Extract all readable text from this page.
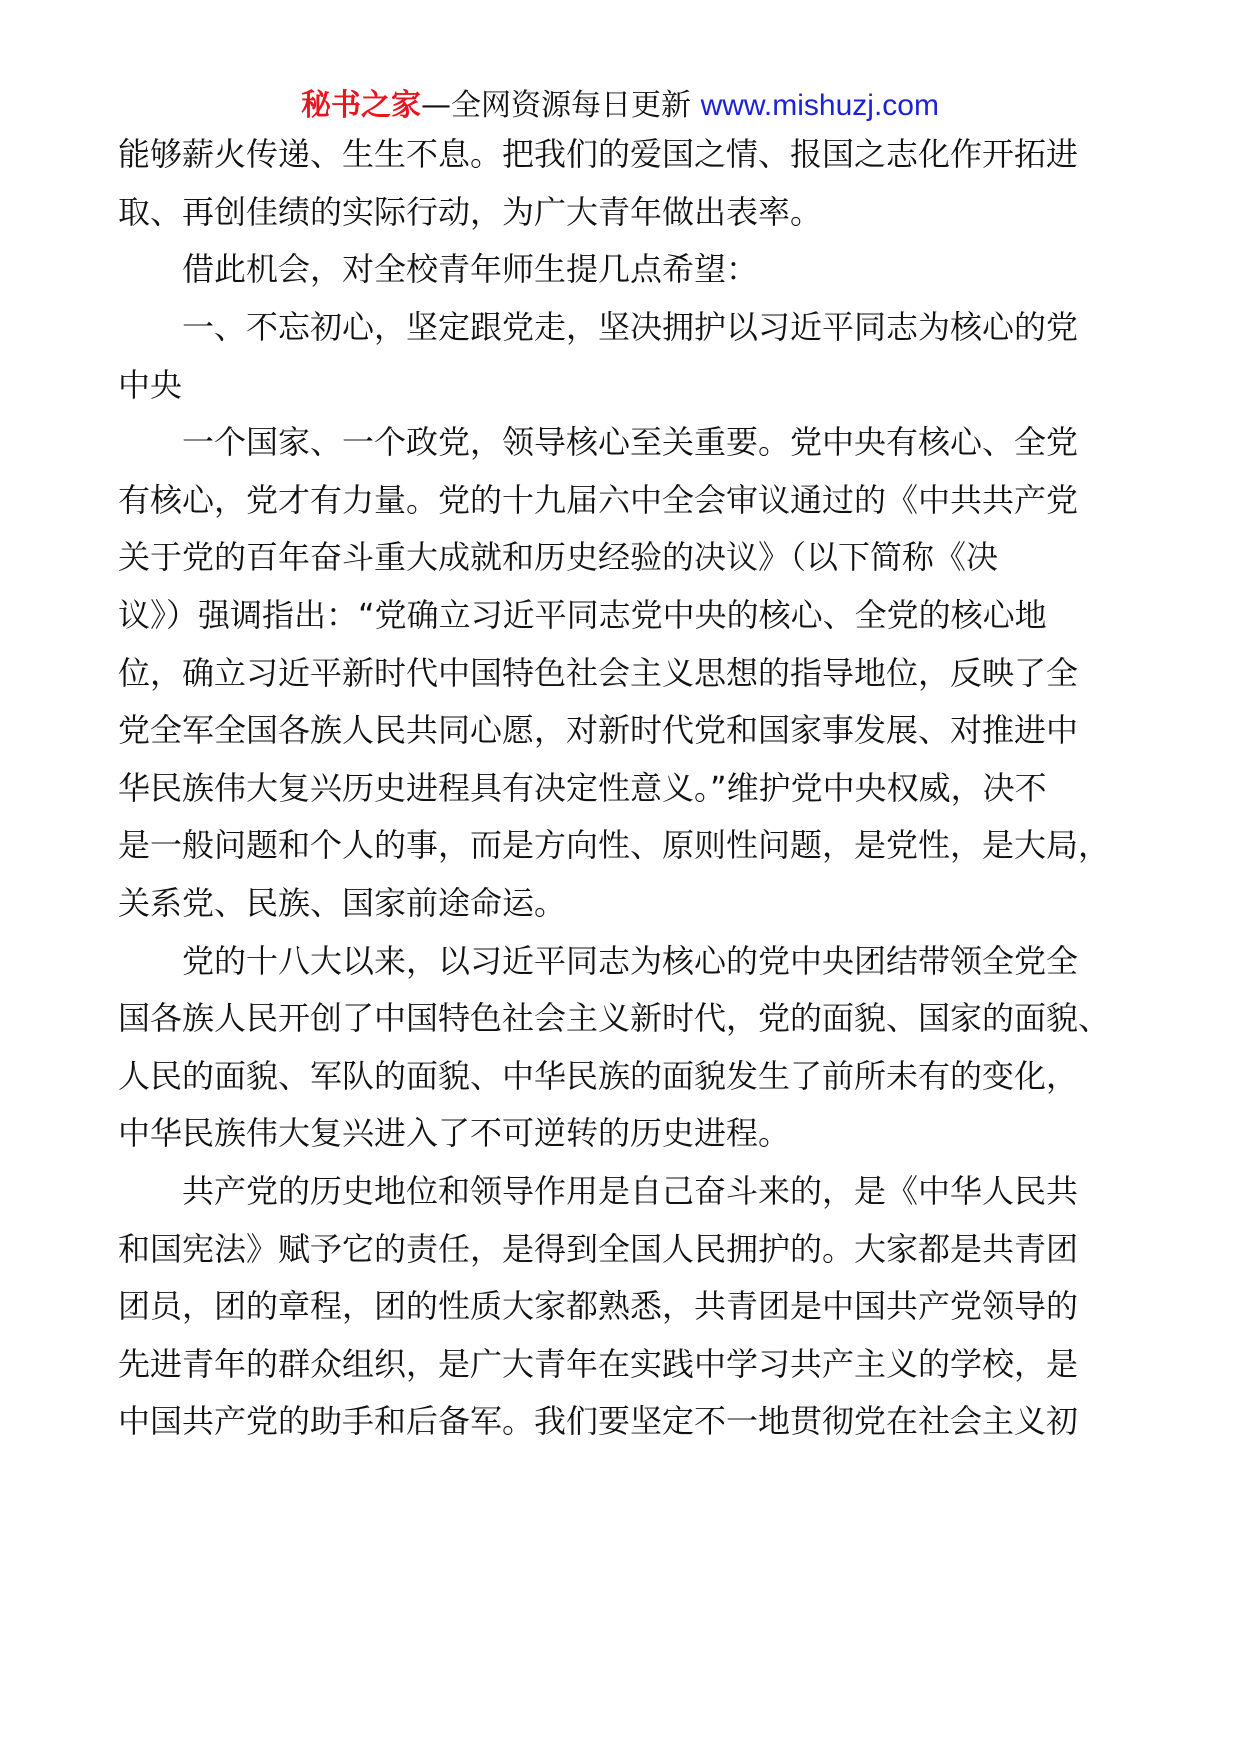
秘书之家—全网资源每日更新 www.mishuzj.com
能够薪火传递、生生不息。把我们的爱国之情、报国之志化作开拓进
取、再创佳绩的实际行动，为广大青年做出表率。
　　借此机会，对全校青年师生提几点希望：
　　一、不忘初心，坚定跟党走，坚决拥护以习近平同志为核心的党
中央
　　一个国家、一个政党，领导核心至关重要。党中央有核心、全党
有核心，党才有力量。党的十九届六中全会审议通过的《中共共产党
关于党的百年奋斗重大成就和历史经验的决议》（以下简称《决
议》）强调指出：“党确立习近平同志党中央的核心、全党的核心地
位，确立习近平新时代中国特色社会主义思想的指导地位，反映了全
党全军全国各族人民共同心愿，对新时代党和国家事发展、对推进中
华民族伟大复兴历史进程具有决定性意义。”维护党中央权威，决不
是一般问题和个人的事，而是方向性、原则性问题，是党性，是大局，
关系党、民族、国家前途命运。
　　党的十八大以来，以习近平同志为核心的党中央团结带领全党全
国各族人民开创了中国特色社会主义新时代，党的面貌、国家的面貌、
人民的面貌、军队的面貌、中华民族的面貌发生了前所未有的变化，
中华民族伟大复兴进入了不可逆转的历史进程。
　　共产党的历史地位和领导作用是自己奋斗来的，是《中华人民共
和国宪法》赋予它的责任，是得到全国人民拥护的。大家都是共青团
团员，团的章程，团的性质大家都熟悉，共青团是中国共产党领导的
先进青年的群众组织，是广大青年在实践中学习共产主义的学校，是
中国共产党的助手和后备军。我们要坚定不一地贯彻党在社会主义初
